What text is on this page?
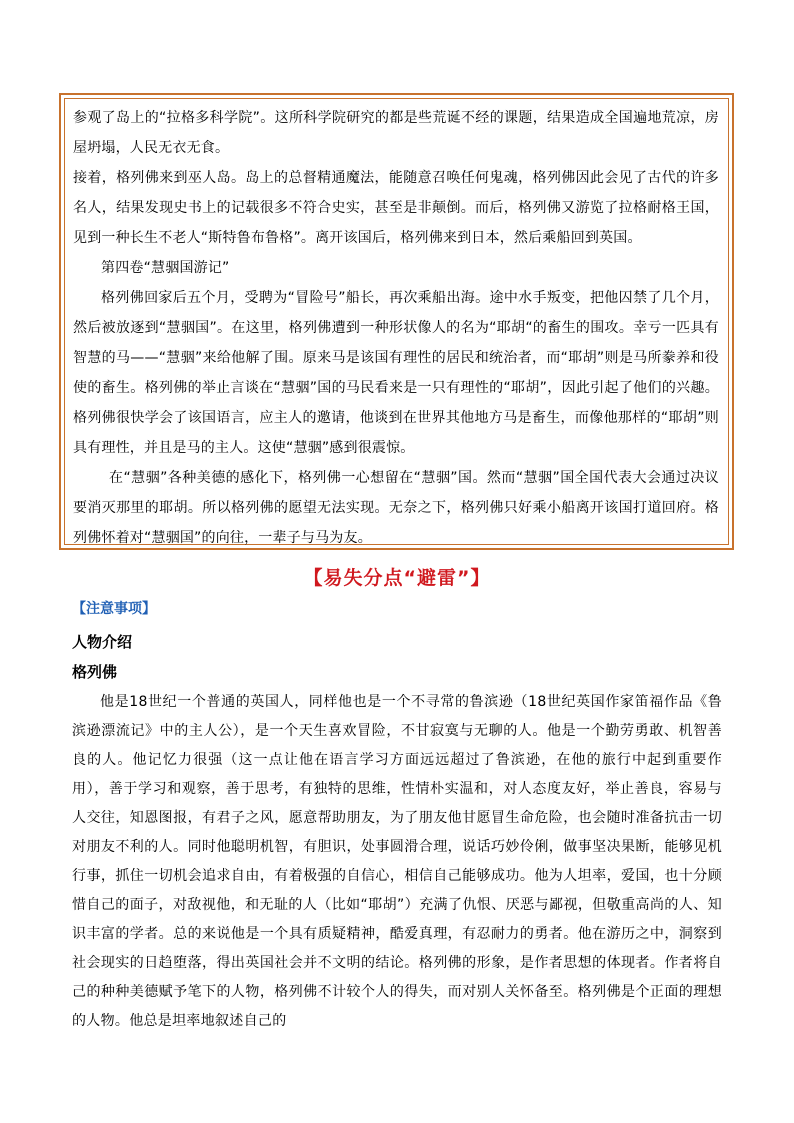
参观了岛上的“拉格多科学院”。这所科学院研究的都是些荒诞不经的课题，结果造成全国遍地荒凉，房屋坍塌，人民无衣无食。

接着，格列佛来到巫人岛。岛上的总督精通魔法，能随意召唤任何鬼魂，格列佛因此会见了古代的许多名人，结果发现史书上的记载很多不符合史实，甚至是非颠倒。而后，格列佛又游览了拉格耐格王国，见到一种长生不老人“斯特鲁布鲁格”。离开该国后，格列佛来到日本，然后乘船回到英国。

第四卷“慧骃国游记”

格列佛回家后五个月，受聘为“冒险号”船长，再次乘船出海。途中水手叛变，把他囚禁了几个月，然后被放逐到“慧骃国”。在这里，格列佛遭到一种形状像人的名为“耶胡“的畜生的围攻。幸亏一匹具有智慧的马——“慧骃”来给他解了围。原来马是该国有理性的居民和统治者，而“耶胡”则是马所豢养和役使的畜生。格列佛的举止言谈在“慧骃”国的马民看来是一只有理性的“耶胡”，因此引起了他们的兴趣。格列佛很快学会了该国语言，应主人的邀请，他谈到在世界其他地方马是畜生，而像他那样的“耶胡”则具有理性，并且是马的主人。这使“慧骃”感到很震惊。

在“慧骃”各种美德的感化下，格列佛一心想留在“慧骃”国。然而“慧骃”国全国代表大会通过决议要消灭那里的耶胡。所以格列佛的愿望无法实现。无奈之下，格列佛只好乘小船离开该国打道回府。格列佛怀着对“慧骃国”的向往，一辈子与马为友。

【易失分点“避雷”】
【注意事项】
人物介绍
格列佛

他是18世纪一个普通的英国人，同样他也是一个不寻常的鲁滨逊（18世纪英国作家笛福作品《鲁滨逊漂流记》中的主人公），是一个天生喜欢冒险，不甘寂寞与无聊的人。他是一个勤劳勇敢、机智善良的人。他记忆力很强（这一点让他在语言学习方面远远超过了鲁滨逊，在他的旅行中起到重要作用），善于学习和观察，善于思考，有独特的思维，性情朴实温和，对人态度友好，举止善良，容易与人交往，知恩图报，有君子之风，愿意帮助朋友，为了朋友他甘愿冒生命危险，也会随时准备抗击一切对朋友不利的人。同时他聪明机智，有胆识，处事圆滑合理，说话巧妙伶俐，做事坚决果断，能够见机行事，抓住一切机会追求自由，有着极强的自信心，相信自己能够成功。他为人坦率，爱国，也十分顾惜自己的面子，对敌视他，和无耻的人（比如“耶胡”）充满了仇恨、厌恶与鄙视，但敬重高尚的人、知识丰富的学者。总的来说他是一个具有质疑精神，酷爱真理，有忍耐力的勇者。他在游历之中，洞察到社会现实的日趋堕落，得出英国社会并不文明的结论。格列佛的形象，是作者思想的体现者。作者将自己的种种美德赋予笔下的人物，格列佛不计较个人的得失，而对别人关怀备至。格列佛是个正面的理想的人物。他总是坦率地叙述自己的
